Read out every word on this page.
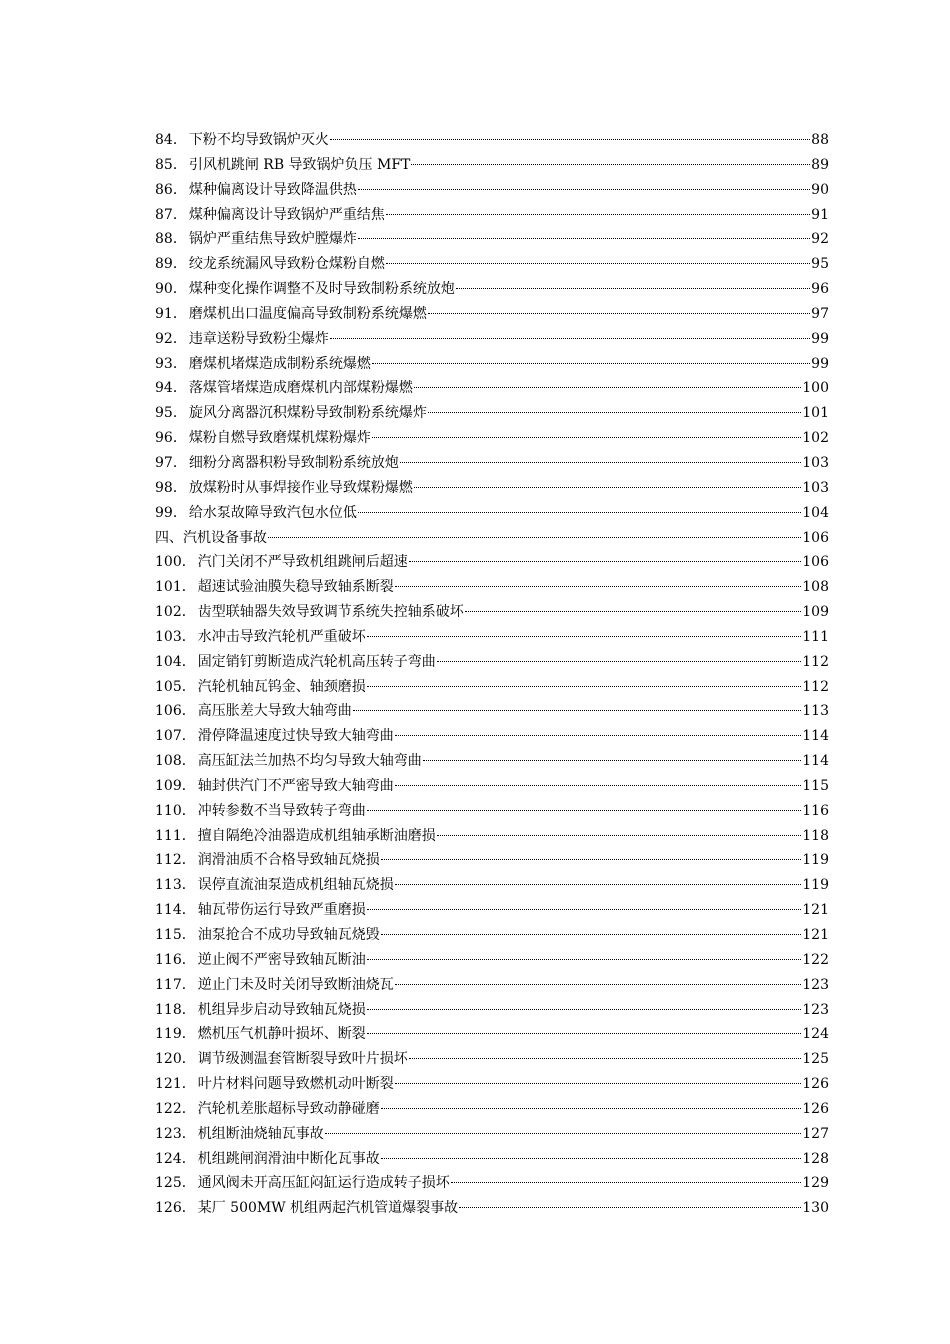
84． 下粉不均导致锅炉灭火	88
85． 引风机跳闸 RB 导致锅炉负压 MFT	89
86． 煤种偏离设计导致降温供热	90
87． 煤种偏离设计导致锅炉严重结焦	91
88． 锅炉严重结焦导致炉膛爆炸	92
89． 绞龙系统漏风导致粉仓煤粉自燃	95
90． 煤种变化操作调整不及时导致制粉系统放炮	96
91． 磨煤机出口温度偏高导致制粉系统爆燃	97
92． 违章送粉导致粉尘爆炸	99
93． 磨煤机堵煤造成制粉系统爆燃	99
94． 落煤管堵煤造成磨煤机内部煤粉爆燃	100
95． 旋风分离器沉积煤粉导致制粉系统爆炸	101
96． 煤粉自燃导致磨煤机煤粉爆炸	102
97． 细粉分离器积粉导致制粉系统放炮	103
98． 放煤粉时从事焊接作业导致煤粉爆燃	103
99． 给水泵故障导致汽包水位低	104
四、汽机设备事故	106
100． 汽门关闭不严导致机组跳闸后超速	106
101． 超速试验油膜失稳导致轴系断裂	108
102． 齿型联轴器失效导致调节系统失控轴系破坏	109
103． 水冲击导致汽轮机严重破坏	111
104． 固定销钉剪断造成汽轮机高压转子弯曲	112
105． 汽轮机轴瓦钨金、轴颈磨损	112
106． 高压胀差大导致大轴弯曲	113
107． 滑停降温速度过快导致大轴弯曲	114
108． 高压缸法兰加热不均匀导致大轴弯曲	114
109． 轴封供汽门不严密导致大轴弯曲	115
110． 冲转参数不当导致转子弯曲	116
111． 擅自隔绝冷油器造成机组轴承断油磨损	118
112． 润滑油质不合格导致轴瓦烧损	119
113． 误停直流油泵造成机组轴瓦烧损	119
114． 轴瓦带伤运行导致严重磨损	121
115． 油泵抢合不成功导致轴瓦烧毁	121
116． 逆止阀不严密导致轴瓦断油	122
117． 逆止门未及时关闭导致断油烧瓦	123
118． 机组异步启动导致轴瓦烧损	123
119． 燃机压气机静叶损坏、断裂	124
120． 调节级测温套管断裂导致叶片损坏	125
121． 叶片材料问题导致燃机动叶断裂	126
122． 汽轮机差胀超标导致动静碰磨	126
123． 机组断油烧轴瓦事故	127
124． 机组跳闸润滑油中断化瓦事故	128
125． 通风阀未开高压缸闷缸运行造成转子损坏	129
126． 某厂 500MW 机组两起汽机管道爆裂事故	130
